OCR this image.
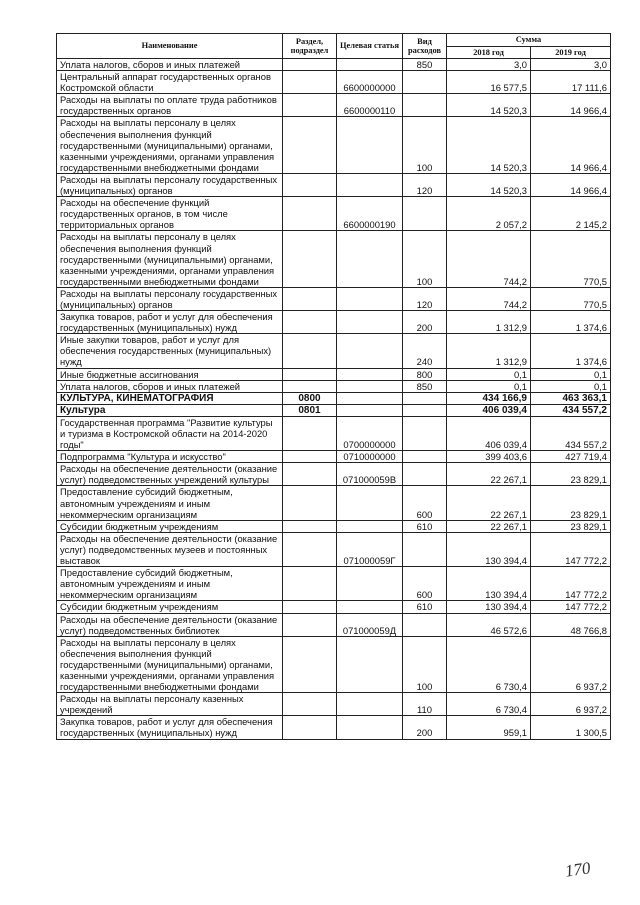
Наименование	Раздел, подраздел	Целевая статья	Вид расходов	Сумма	
				2018 год	2019 год
Уплата налогов, сборов и иных платежей			850	3,0	3,0
Центральный аппарат государственных органов Костромской области		6600000000		16 577,5	17 111,6
Расходы на выплаты по оплате труда работников государственных органов		6600000110		14 520,3	14 966,4
Расходы на выплаты персоналу в целях обеспечения выполнения функций государственными (муниципальными) органами, казенными учреждениями, органами управления государственными внебюджетными фондами			100	14 520,3	14 966,4
Расходы на выплаты персоналу государственных (муниципальных) органов			120	14 520,3	14 966,4
Расходы на обеспечение функций государственных органов, в том числе территориальных органов		6600000190		2 057,2	2 145,2
Расходы на выплаты персоналу в целях обеспечения выполнения функций государственными (муниципальными) органами, казенными учреждениями, органами управления государственными внебюджетными фондами			100	744,2	770,5
Расходы на выплаты персоналу государственных (муниципальных) органов			120	744,2	770,5
Закупка товаров, работ и услуг для обеспечения государственных (муниципальных) нужд			200	1 312,9	1 374,6
Иные закупки товаров, работ и услуг для обеспечения государственных (муниципальных) нужд			240	1 312,9	1 374,6
Иные бюджетные ассигнования			800	0,1	0,1
Уплата налогов, сборов и иных платежей			850	0,1	0,1
КУЛЬТУРА, КИНЕМАТОГРАФИЯ	0800			434 166,9	463 363,1
Культура	0801			406 039,4	434 557,2
Государственная программа "Развитие культуры и туризма в Костромской области на 2014-2020 годы"		0700000000		406 039,4	434 557,2
Подпрограмма "Культура и искусство"		0710000000		399 403,6	427 719,4
Расходы на обеспечение деятельности (оказание услуг) подведомственных учреждений культуры		071000059В		22 267,1	23 829,1
Предоставление субсидий бюджетным, автономным учреждениям и иным некоммерческим организациям			600	22 267,1	23 829,1
Субсидии бюджетным учреждениям			610	22 267,1	23 829,1
Расходы на обеспечение деятельности (оказание услуг) подведомственных музеев и постоянных выставок		071000059Г		130 394,4	147 772,2
Предоставление субсидий бюджетным, автономным учреждениям и иным некоммерческим организациям			600	130 394,4	147 772,2
Субсидии бюджетным учреждениям			610	130 394,4	147 772,2
Расходы на обеспечение деятельности (оказание услуг) подведомственных библиотек		071000059Д		46 572,6	48 766,8
Расходы на выплаты персоналу в целях обеспечения выполнения функций государственными (муниципальными) органами, казенными учреждениями, органами управления государственными внебюджетными фондами			100	6 730,4	6 937,2
Расходы на выплаты персоналу казенных учреждений			110	6 730,4	6 937,2
Закупка товаров, работ и услуг для обеспечения государственных (муниципальных) нужд			200	959,1	1 300,5
170
